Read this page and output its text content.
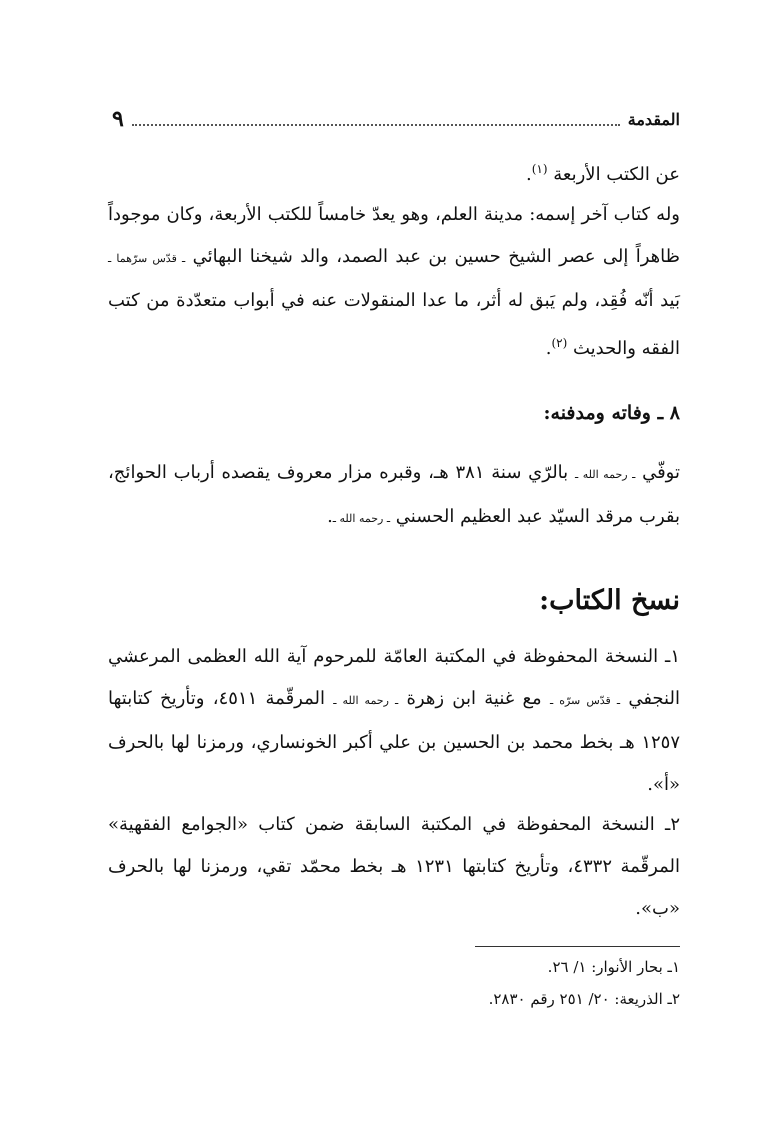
المقدمة
٩

عن الكتب الأربعة $^{(١)}$.

وله كتاب آخر إسمه: مدينة العلم، وهو يعدّ خامساً للكتب الأربعة، وكان موجوداً ظاهراً إلى عصر الشيخ حسين بن عبد الصمد، والد شيخنا البهائي ـ قدّس سرّهما ـ بَيد أنّه فُقِد، ولم يَبق له أثر، ما عدا المنقولات عنه في أبواب متعدّدة من كتب الفقه والحديث $^{(٢)}$.

٨ ـ وفاته ومدفنه:

توفّي ـ رحمه الله ـ بالرّي سنة ٣٨١ هـ، وقبره مزار معروف يقصده أرباب الحوائج، بقرب مرقد السيّد عبد العظيم الحسني ـ رحمه الله ـ.

نسخ الكتاب:

١ـ النسخة المحفوظة في المكتبة العامّة للمرحوم آية الله العظمى المرعشي النجفي ـ قدّس سرّه ـ مع غنية ابن زهرة ـ رحمه الله ـ المرقّمة ٤٥١١، وتأريخ كتابتها ١٢٥٧ هـ بخط محمد بن الحسين بن علي أكبر الخونساري، ورمزنا لها بالحرف «أ».

٢ـ النسخة المحفوظة في المكتبة السابقة ضمن كتاب «الجوامع الفقهية» المرقّمة ٤٣٣٢، وتأريخ كتابتها ١٢٣١ هـ بخط محمّد تقي، ورمزنا لها بالحرف «ب».

١ـ بحار الأنوار: ١/ ٢٦.

٢ـ الذريعة: ٢٠/ ٢٥١ رقم ٢٨٣٠.
